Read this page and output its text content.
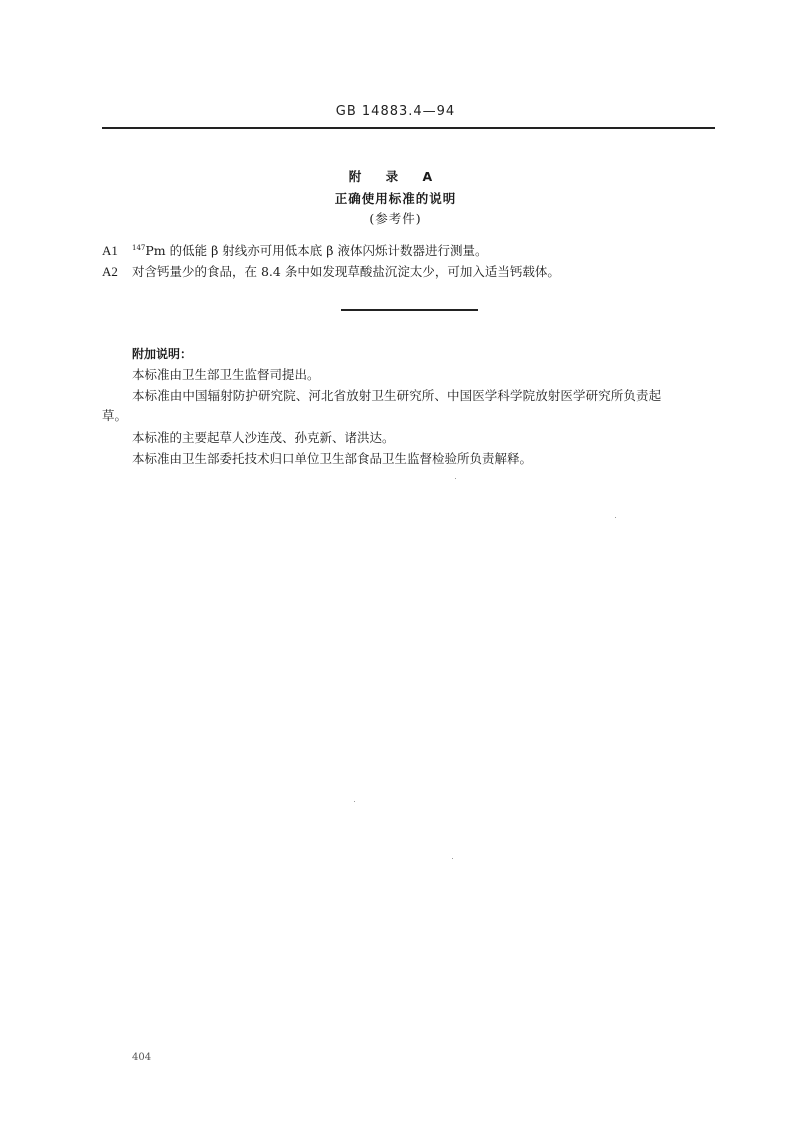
GB 14883.4—94
附 录 A
正确使用标准的说明
(参考件)
A1 $^{147}$Pm 的低能 β 射线亦可用低本底 β 液体闪烁计数器进行测量。
A2 对含钙量少的食品，在 8.4 条中如发现草酸盐沉淀太少，可加入适当钙载体。
附加说明：
本标准由卫生部卫生监督司提出。
本标准由中国辐射防护研究院、河北省放射卫生研究所、中国医学科学院放射医学研究所负责起
草。
本标准的主要起草人沙连茂、孙克新、诸洪达。
本标准由卫生部委托技术归口单位卫生部食品卫生监督检验所负责解释。
404
